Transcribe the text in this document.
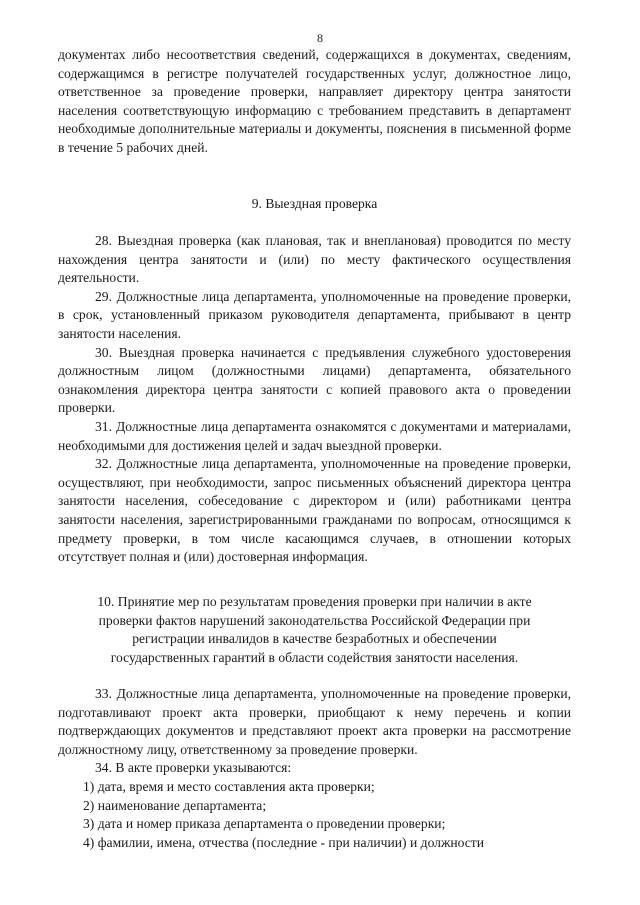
8

документах либо несоответствия сведений, содержащихся в документах, сведениям, содержащимся в регистре получателей государственных услуг, должностное лицо, ответственное за проведение проверки, направляет директору центра занятости населения соответствующую информацию с требованием представить в департамент необходимые дополнительные материалы и документы, пояснения в письменной форме в течение 5 рабочих дней.

9. Выездная проверка

28. Выездная проверка (как плановая, так и внеплановая) проводится по месту нахождения центра занятости и (или) по месту фактического осуществления деятельности.

29. Должностные лица департамента, уполномоченные на проведение проверки, в срок, установленный приказом руководителя департамента, прибывают в центр занятости населения.

30. Выездная проверка начинается с предъявления служебного удостоверения должностным лицом (должностными лицами) департамента, обязательного ознакомления директора центра занятости с копией правового акта о проведении проверки.

31. Должностные лица департамента ознакомятся с документами и материалами, необходимыми для достижения целей и задач выездной проверки.

32. Должностные лица департамента, уполномоченные на проведение проверки, осуществляют, при необходимости, запрос письменных объяснений директора центра занятости населения, собеседование с директором и (или) работниками центра занятости населения, зарегистрированными гражданами по вопросам, относящимся к предмету проверки, в том числе касающимся случаев, в отношении которых отсутствует полная и (или) достоверная информация.

10. Принятие мер по результатам проведения проверки при наличии в акте
проверки фактов нарушений законодательства Российской Федерации при
регистрации инвалидов в качестве безработных и обеспечении
государственных гарантий в области содействия занятости населения.

33. Должностные лица департамента, уполномоченные на проведение проверки, подготавливают проект акта проверки, приобщают к нему перечень и копии подтверждающих документов и представляют проект акта проверки на рассмотрение должностному лицу, ответственному за проведение проверки.

34. В акте проверки указываются:

1) дата, время и место составления акта проверки;

2) наименование департамента;

3) дата и номер приказа департамента о проведении проверки;

4) фамилии, имена, отчества (последние - при наличии) и должности
